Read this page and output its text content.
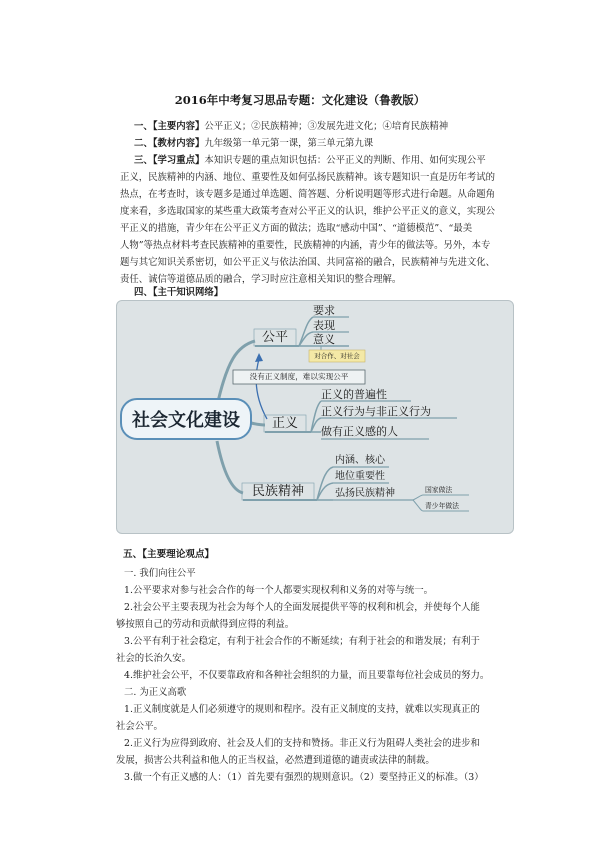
2016年中考复习思品专题：文化建设（鲁教版）
一、【主要内容】公平正义；②民族精神；③发展先进文化；④培育民族精神
二、【教材内容】九年级第一单元第一课，第三单元第九课
三、【学习重点】本知识专题的重点知识包括：公平正义的判断、作用、如何实现公平
正义，民族精神的内涵、地位、重要性及如何弘扬民族精神。该专题知识一直是历年考试的
热点，在考查时，该专题多是通过单选题、简答题、分析说明题等形式进行命题。从命题角
度来看，多选取国家的某些重大政策考查对公平正义的认识，维护公平正义的意义，实现公
平正义的措施，青少年在公平正义方面的做法；选取“感动中国”、“道德模范”、“最美
人物”等热点材料考查民族精神的重要性，民族精神的内涵，青少年的做法等。另外，本专
题与其它知识关系密切，如公平正义与依法治国、共同富裕的融合，民族精神与先进文化、
责任、诚信等道德品质的融合，学习时应注意相关知识的整合理解。
四、【主干知识网络】
社会文化建设
公平
要求
表现
意义
对合作、对社会
没有正义制度，难以实现公平
正义
正义的普遍性
正义行为与非正义行为
做有正义感的人
民族精神
内涵、核心
地位重要性
弘扬民族精神	国家做法
青少年做法
五、【主要理论观点】

一. 我们向往公平

1.公平要求对参与社会合作的每一个人都要实现权利和义务的对等与统一。

2.社会公平主要表现为社会为每个人的全面发展提供平等的权利和机会，并使每个人能

够按照自己的劳动和贡献得到应得的利益。

3.公平有利于社会稳定，有利于社会合作的不断延续；有利于社会的和谐发展；有利于

社会的长治久安。

4.维护社会公平，不仅要靠政府和各种社会组织的力量，而且要靠每位社会成员的努力。

二. 为正义高歌

1.正义制度就是人们必须遵守的规则和程序。没有正义制度的支持，就难以实现真正的

社会公平。

2.正义行为应得到政府、社会及人们的支持和赞扬。非正义行为阻碍人类社会的进步和

发展，损害公共利益和他人的正当权益，必然遭到道德的谴责或法律的制裁。

3.做一个有正义感的人：（1）首先要有强烈的规则意识。（2）要坚持正义的标准。（3）
